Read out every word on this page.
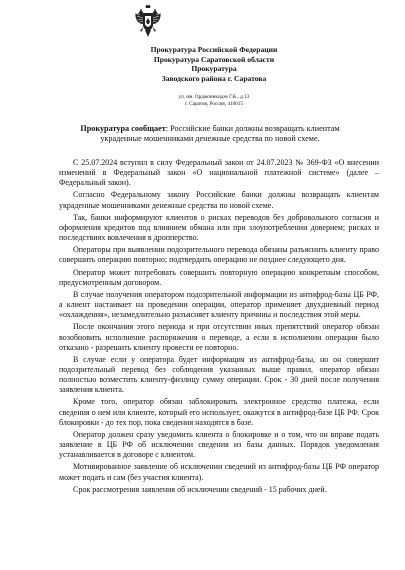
Прокуратура Российской Федерации
Прокуратура Саратовской области
Прокуратура
Заводского района г. Саратова
ул. им. Орджоникидзе Г.К., д.13
г. Саратов, Россия, 410015
Прокуратура сообщает: Российские банки должны возвращать клиентам украденные мошенниками денежные средства по новой схеме.

С 25.07.2024 вступил в силу Федеральный закон от 24.07.2023 № 369-ФЗ «О внесении изменений в Федеральный закон «О национальной платежной системе» (далее – Федеральный закон).

Согласно Федеральному закону Российские банки должны возвращать клиентам украденные мошенниками денежные средства по новой схеме.

Так, банки информируют клиентов о рисках переводов без добровольного согласия и оформления кредитов под влиянием обмана или при злоупотреблении доверием; рисках и последствиях вовлечения в дропперство.

Операторы при выявлении подозрительного перевода обязаны разъяснить клиенту право совершить операцию повторно; подтвердить операцию не позднее следующего дня.

Оператор может потребовать совершить повторную операцию конкретным способом, предусмотренным договором.

В случае получения оператором подозрительной информации из антифрод-базы ЦБ РФ, а клиент настаивает на проведении операции, оператор применяет двухдневный период «охлаждения», незамедлительно разъясняет клиенту причины и последствия этой меры.

После окончания этого периода и при отсутствии иных препятствий оператор обязан возобновить исполнение распоряжения о переводе, а если в исполнении операции было отказано - разрешить клиенту провести ее повторно.

В случае если у оператора будет информация из антифрод-базы, но он совершит подозрительный перевод без соблюдения указанных выше правил, оператор обязан полностью возместить клиенту-физлицу сумму операции. Срок - 30 дней после получения заявления клиента.

Кроме того, оператор обязан заблокировать электронное средство платежа, если сведения о нем или клиенте, который его использует, окажутся в антифрод-базе ЦБ РФ. Срок блокировки - до тех пор, пока сведения находятся в базе.

Оператор должен сразу уведомить клиента о блокировке и о том, что он вправе подать заявление в ЦБ РФ об исключении сведения из базы данных. Порядок уведомления устанавливается в договоре с клиентом.

Мотивированное заявление об исключении сведений из антифрод-базы ЦБ РФ оператор может подать и сам (без участия клиента).

Срок рассмотрения заявления об исключении сведений - 15 рабочих дней.
